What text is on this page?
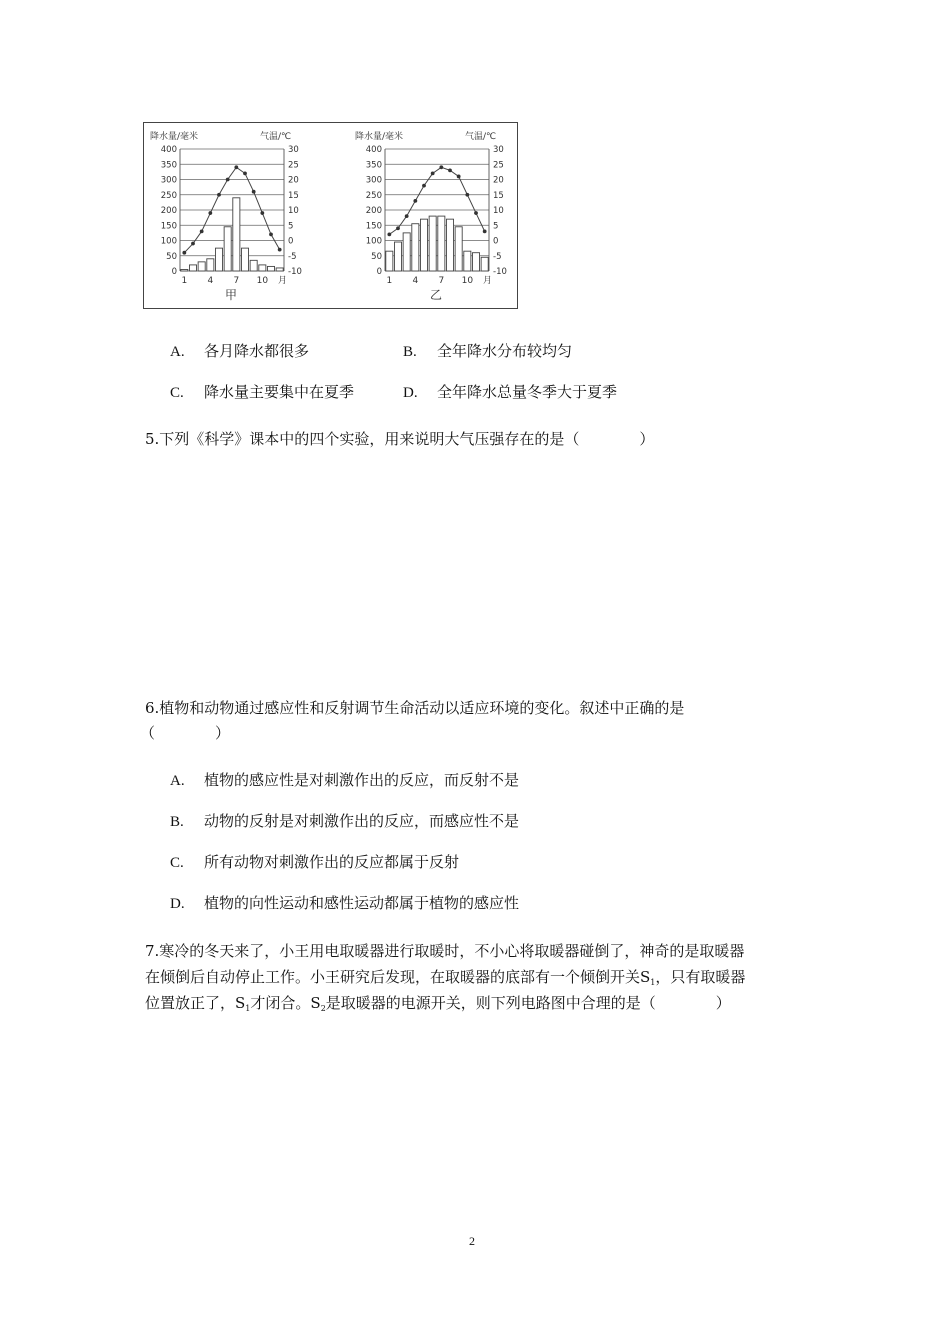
降水量/毫米	气温/℃
400
350
300
250
200
150
100
50
0
30
25
20
15
10
5
0
-5
-10
1 4 7 10 月
甲
降水量/毫米	气温/℃
400
350
300
250
200
150
100
50
0
30
25
20
15
10
5
0
-5
-10
1 4 7 10 月
乙
A. 各月降水都很多	B. 全年降水分布较均匀
C. 降水量主要集中在夏季	D. 全年降水总量冬季大于夏季
5.下列《科学》课本中的四个实验，用来说明大气压强存在的是（　　　　）
6.植物和动物通过感应性和反射调节生命活动以适应环境的变化。叙述中正确的是
（　　　　）
A. 植物的感应性是对刺激作出的反应，而反射不是
B. 动物的反射是对刺激作出的反应，而感应性不是
C. 所有动物对刺激作出的反应都属于反射
D. 植物的向性运动和感性运动都属于植物的感应性
7.寒冷的冬天来了，小王用电取暖器进行取暖时，不小心将取暖器碰倒了，神奇的是取暖器
在倾倒后自动停止工作。小王研究后发现，在取暖器的底部有一个倾倒开关$S_1$，只有取暖器
位置放正了，$S_1$才闭合。$S_2$是取暖器的电源开关，则下列电路图中合理的是（　　　　）
2
